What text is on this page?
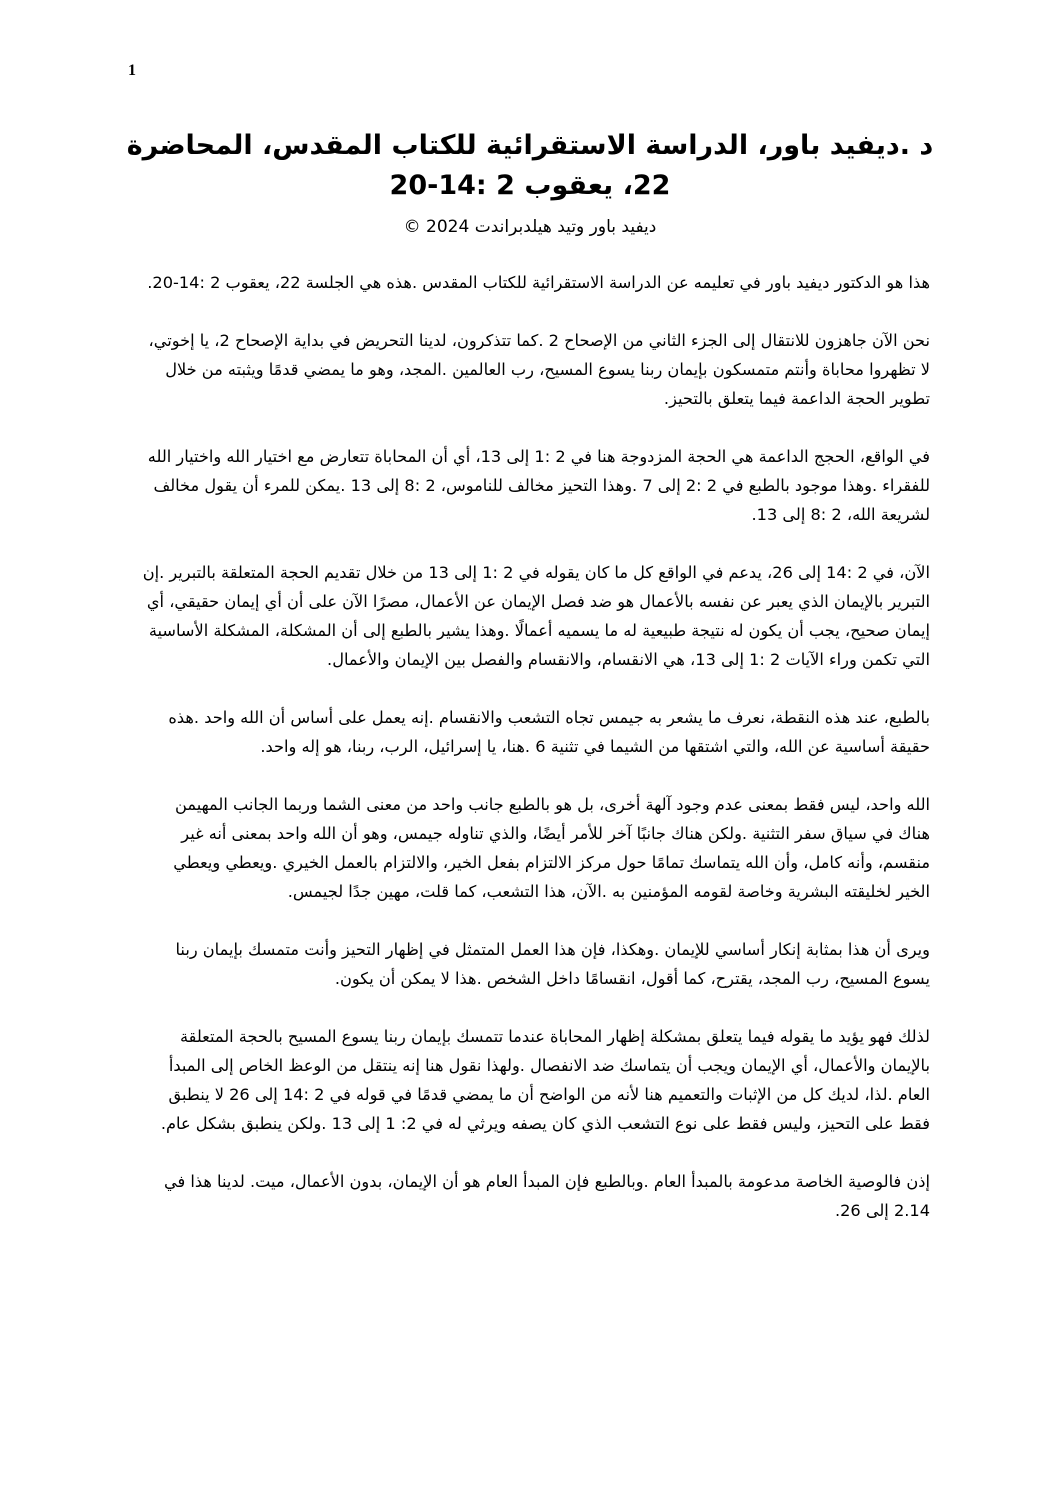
1
د .ديفيد باور، الدراسة الاستقرائية للكتاب المقدس، المحاضرة 22، يعقوب 2 :14-20
ديفيد باور وتيد هيلدبراندت 2024 ©

هذا هو الدكتور ديفيد باور في تعليمه عن الدراسة الاستقرائية للكتاب المقدس .هذه هي الجلسة 22، يعقوب 2 :14-20.

نحن الآن جاهزون للانتقال إلى الجزء الثاني من الإصحاح 2 .كما تتذكرون، لدينا التحريض في بداية الإصحاح 2، يا إخوتي، لا تظهروا محاباة وأنتم متمسكون بإيمان ربنا يسوع المسيح، رب العالمين .المجد، وهو ما يمضي قدمًا ويثبته من خلال تطوير الحجة الداعمة فيما يتعلق بالتحيز.

في الواقع، الحجج الداعمة هي الحجة المزدوجة هنا في 2 :1 إلى 13، أي أن المحاباة تتعارض مع اختيار الله واختيار الله للفقراء .وهذا موجود بالطبع في 2 :2 إلى 7 .وهذا التحيز مخالف للناموس، 2 :8 إلى 13 .يمكن للمرء أن يقول مخالف لشريعة الله، 2 :8 إلى 13.

الآن، في 2 :14 إلى 26، يدعم في الواقع كل ما كان يقوله في 2 :1 إلى 13 من خلال تقديم الحجة المتعلقة بالتبرير .إن التبرير بالإيمان الذي يعبر عن نفسه بالأعمال هو ضد فصل الإيمان عن الأعمال، مصرًا الآن على أن أي إيمان حقيقي، أي إيمان صحيح، يجب أن يكون له نتيجة طبيعية له ما يسميه أعمالًا .وهذا يشير بالطبع إلى أن المشكلة، المشكلة الأساسية التي تكمن وراء الآيات 2 :1 إلى 13، هي الانقسام، والانقسام والفصل بين الإيمان والأعمال.

بالطبع، عند هذه النقطة، نعرف ما يشعر به جيمس تجاه التشعب والانقسام .إنه يعمل على أساس أن الله واحد .هذه حقيقة أساسية عن الله، والتي اشتقها من الشيما في تثنية 6 .هنا، يا إسرائيل، الرب، ربنا، هو إله واحد.

الله واحد، ليس فقط بمعنى عدم وجود آلهة أخرى، بل هو بالطبع جانب واحد من معنى الشما وربما الجانب المهيمن هناك في سياق سفر التثنية .ولكن هناك جانبًا آخر للأمر أيضًا، والذي تناوله جيمس، وهو أن الله واحد بمعنى أنه غير منقسم، وأنه كامل، وأن الله يتماسك تمامًا حول مركز الالتزام بفعل الخير، والالتزام بالعمل الخيري .ويعطي ويعطي الخير لخليقته البشرية وخاصة لقومه المؤمنين به .الآن، هذا التشعب، كما قلت، مهين جدًا لجيمس.

ويرى أن هذا بمثابة إنكار أساسي للإيمان .وهكذا، فإن هذا العمل المتمثل في إظهار التحيز وأنت متمسك بإيمان ربنا يسوع المسيح، رب المجد، يقترح، كما أقول، انقسامًا داخل الشخص .هذا لا يمكن أن يكون.

لذلك فهو يؤيد ما يقوله فيما يتعلق بمشكلة إظهار المحاباة عندما تتمسك بإيمان ربنا يسوع المسيح بالحجة المتعلقة بالإيمان والأعمال، أي الإيمان ويجب أن يتماسك ضد الانفصال .ولهذا نقول هنا إنه ينتقل من الوعظ الخاص إلى المبدأ العام .لذا، لديك كل من الإثبات والتعميم هنا لأنه من الواضح أن ما يمضي قدمًا في قوله في 2 :14 إلى 26 لا ينطبق فقط على التحيز، وليس فقط على نوع التشعب الذي كان يصفه ويرثي له في 2: 1 إلى 13 .ولكن ينطبق بشكل عام.

إذن فالوصية الخاصة مدعومة بالمبدأ العام .وبالطبع فإن المبدأ العام هو أن الإيمان، بدون الأعمال، ميت. لدينا هذا في 2.14 إلى 26.
